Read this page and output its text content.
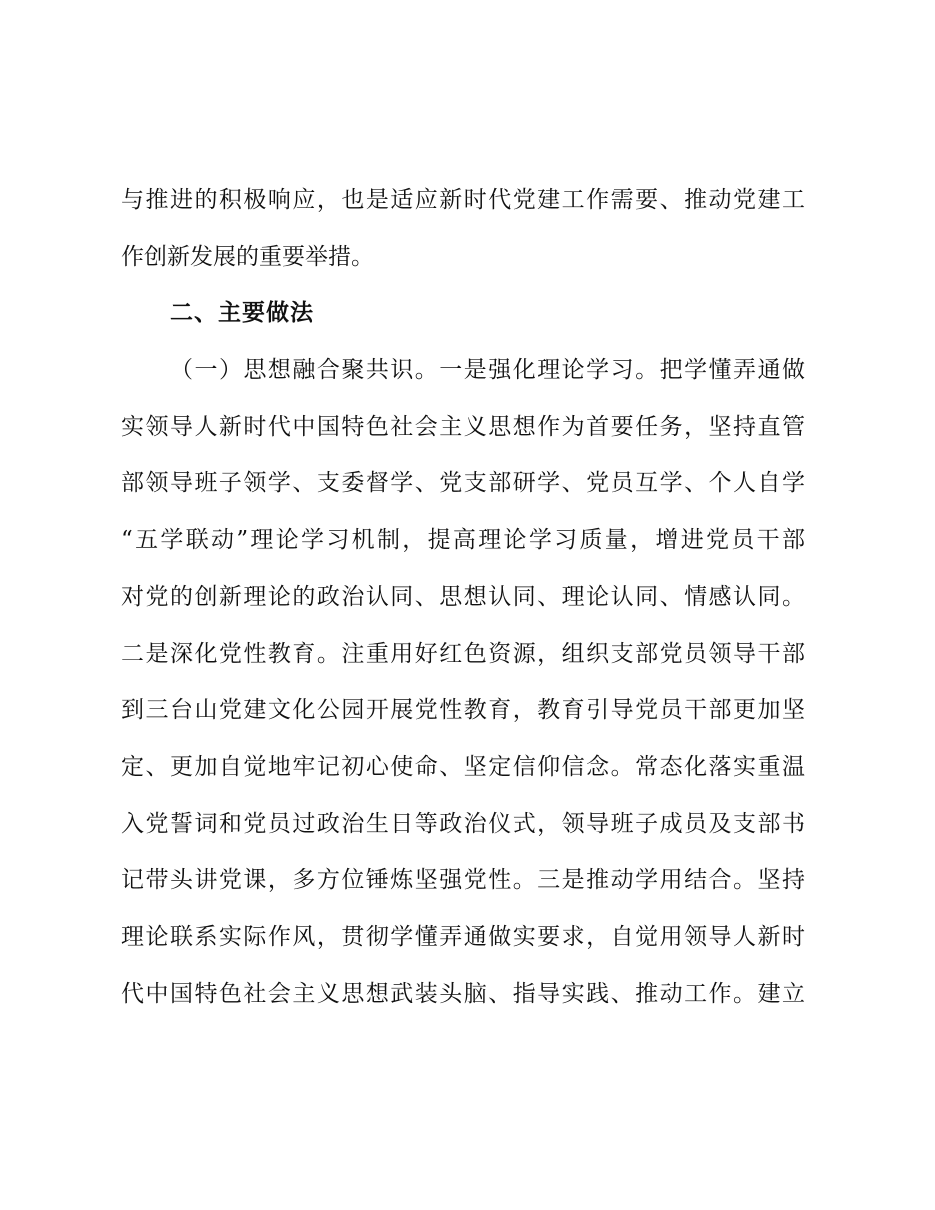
与推进的积极响应，也是适应新时代党建工作需要、推动党建工
作创新发展的重要举措。
二、主要做法
（一）思想融合聚共识。一是强化理论学习。把学懂弄通做
实领导人新时代中国特色社会主义思想作为首要任务，坚持直管
部领导班子领学、支委督学、党支部研学、党员互学、个人自学
“五学联动”理论学习机制，提高理论学习质量，增进党员干部
对党的创新理论的政治认同、思想认同、理论认同、情感认同。
二是深化党性教育。注重用好红色资源，组织支部党员领导干部
到三台山党建文化公园开展党性教育，教育引导党员干部更加坚
定、更加自觉地牢记初心使命、坚定信仰信念。常态化落实重温
入党誓词和党员过政治生日等政治仪式，领导班子成员及支部书
记带头讲党课，多方位锤炼坚强党性。三是推动学用结合。坚持
理论联系实际作风，贯彻学懂弄通做实要求，自觉用领导人新时
代中国特色社会主义思想武装头脑、指导实践、推动工作。建立
